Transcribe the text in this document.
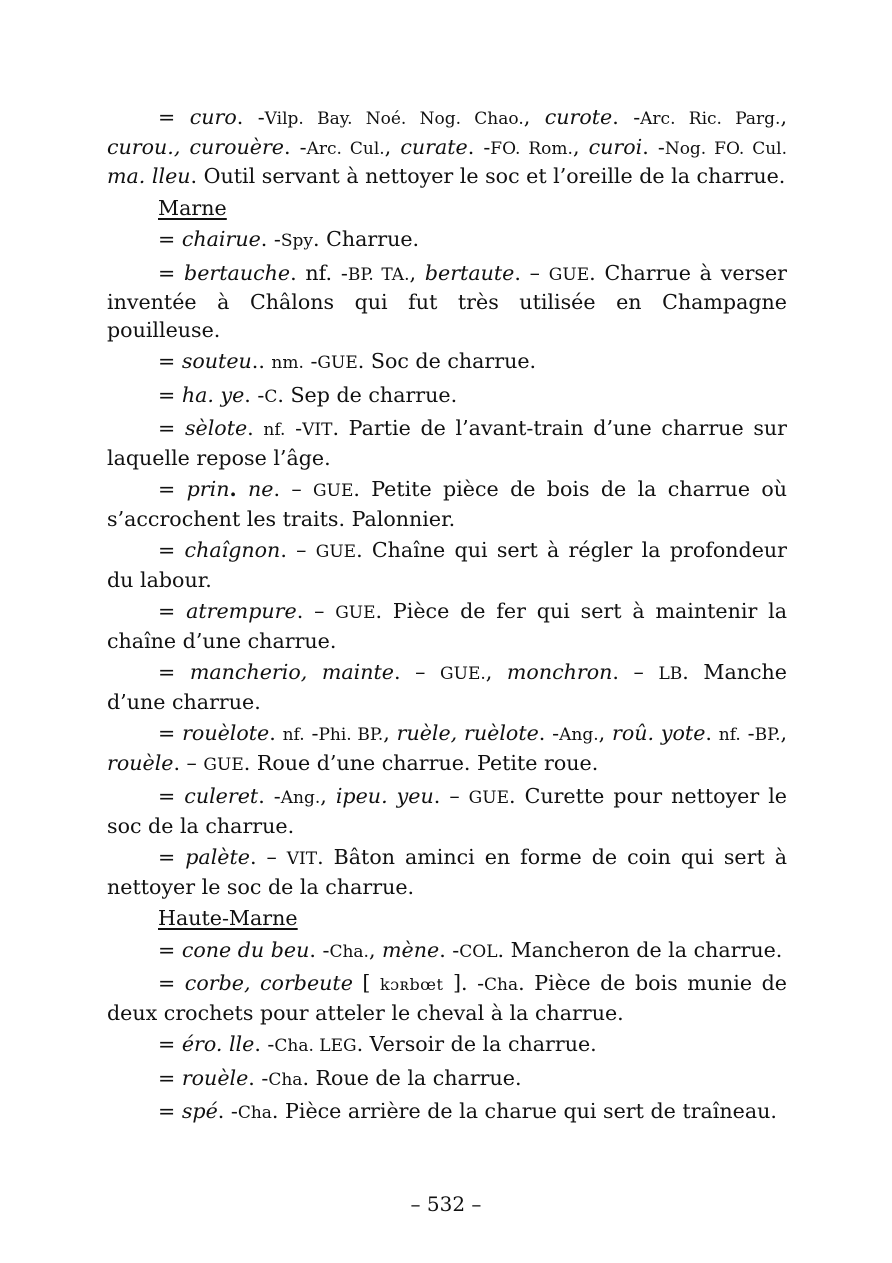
= curo. -Vilp. Bay. Noé. Nog. Chao., curote. -Arc. Ric. Parg., curou., curouère. -Arc. Cul., curate. -FO. Rom., curoi. -Nog. FO. Cul. ma. lleu. Outil servant à nettoyer le soc et l’oreille de la charrue.

Marne

= chairue. -Spy. Charrue.

= bertauche. nf. -BP. TA., bertaute. – GUE. Charrue à verser inventée à Châlons qui fut très utilisée en Champagne pouilleuse.

= souteu.. nm. -GUE. Soc de charrue.

= ha. ye. -C. Sep de charrue.

= sèlote. nf. -VIT. Partie de l’avant-train d’une charrue sur laquelle repose l’âge.

= prin. ne. – GUE. Petite pièce de bois de la charrue où s’accrochent les traits. Palonnier.

= chaîgnon. – GUE. Chaîne qui sert à régler la profondeur du labour.

= atrempure. – GUE. Pièce de fer qui sert à maintenir la chaîne d’une charrue.

= mancherio, mainte. – GUE., monchron. – LB. Manche d’une charrue.

= rouèlote. nf. -Phi. BP., ruèle, ruèlote. -Ang., roû. yote. nf. -BP., rouèle. – GUE. Roue d’une charrue. Petite roue.

= culeret. -Ang., ipeu. yeu. – GUE. Curette pour nettoyer le soc de la charrue.

= palète. – VIT. Bâton aminci en forme de coin qui sert à nettoyer le soc de la charrue.

Haute-Marne

= cone du beu. -Cha., mène. -COL. Mancheron de la charrue.

= corbe, corbeute [ kɔʀbœt ]. -Cha. Pièce de bois munie de deux crochets pour atteler le cheval à la charrue.

= éro. lle. -Cha. LEG. Versoir de la charrue.

= rouèle. -Cha. Roue de la charrue.

= spé. -Cha. Pièce arrière de la charue qui sert de traîneau.

– 532 –
